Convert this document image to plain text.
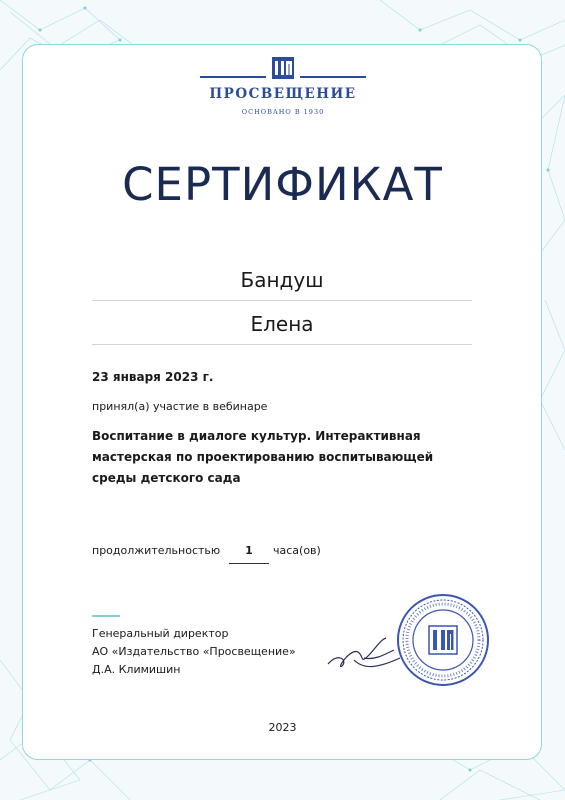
ПРОСВЕЩЕНИЕ
ОСНОВАНО В 1930
СЕРТИФИКАТ
Бандуш
Елена
23 января 2023 г.
принял(а) участие в вебинаре
Воспитание в диалоге культур. Интерактивная
мастерская по проектированию воспитывающей
среды детского сада
продолжительностью	1	часа(ов)
Генеральный директор
АО «Издательство «Просвещение»
Д.А. Климишин
2023
